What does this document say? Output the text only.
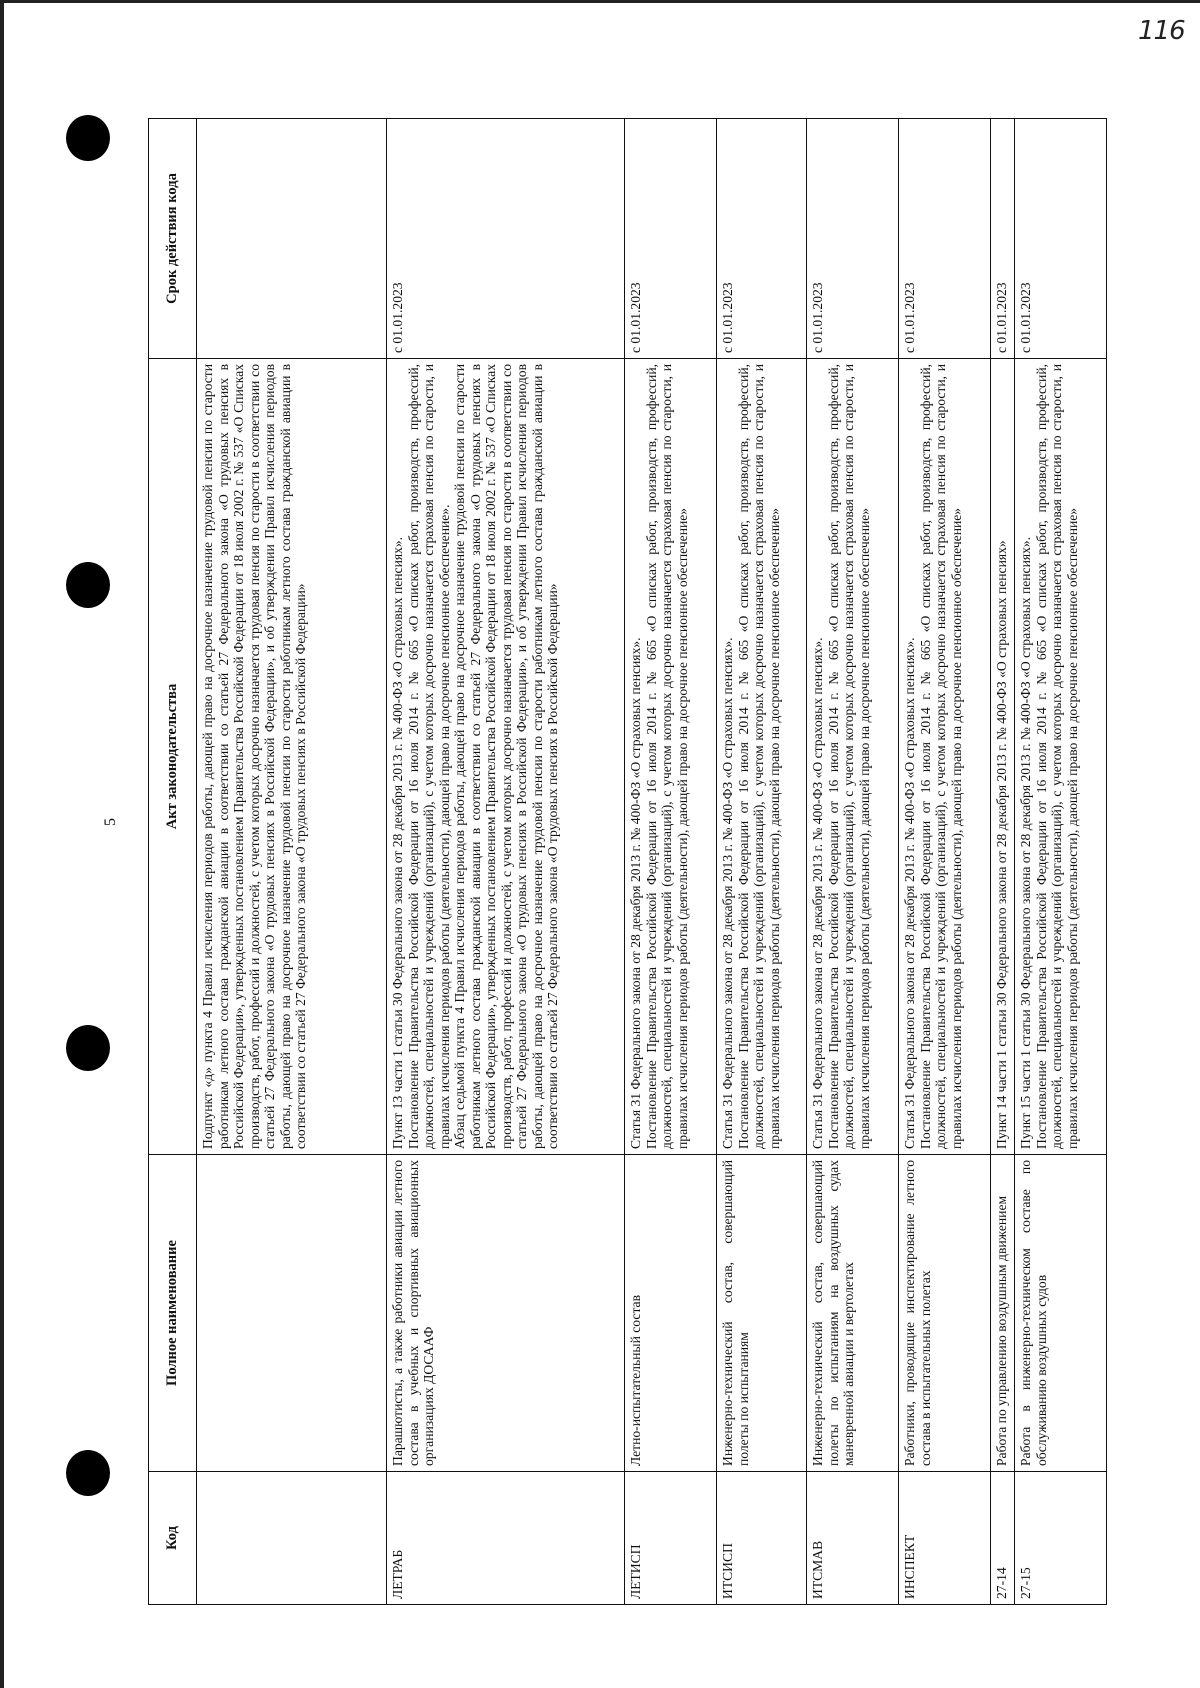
116
5
Код	Полное наименование	Акт законодательства	Срок действия кода

		Подпункт «д» пункта 4 Правил исчисления периодов работы, дающей право на досрочное назначение трудовой пенсии по старости работникам летного состава гражданской авиации в соответствии со статьей 27 Федерального закона «О трудовых пенсиях в Российской Федерации», утвержденных постановлением Правительства Российской Федерации от 18 июля 2002 г. № 537 «О Списках производств, работ, профессий и должностей, с учетом которых досрочно назначается трудовая пенсия по старости в соответствии со статьей 27 Федерального закона «О трудовых пенсиях в Российской Федерации», и об утверждении Правил исчисления периодов работы, дающей право на досрочное назначение трудовой пенсии по старости работникам летного состава гражданской авиации в соответствии со статьей 27 Федерального закона «О трудовых пенсиях в Российской Федерации»	

ЛЕТРАБ	Парашютисты, а также работники авиации летного состава в учебных и спортивных авиационных организациях ДОСААФ	Пункт 13 части 1 статьи 30 Федерального закона от 28 декабря 2013 г. № 400-ФЗ «О страховых пенсиях». Постановление Правительства Российской Федерации от 16 июля 2014 г. № 665 «О списках работ, производств, профессий, должностей, специальностей и учреждений (организаций), с учетом которых досрочно назначается страховая пенсия по старости, и правилах исчисления периодов работы (деятельности), дающей право на досрочное пенсионное обеспечение». Абзац седьмой пункта 4 Правил исчисления периодов работы, дающей право на досрочное назначение трудовой пенсии по старости работникам летного состава гражданской авиации в соответствии со статьей 27 Федерального закона «О трудовых пенсиях в Российской Федерации», утвержденных постановлением Правительства Российской Федерации от 18 июля 2002 г. № 537 «О Списках производств, работ, профессий и должностей, с учетом которых досрочно назначается трудовая пенсия по старости в соответствии со статьей 27 Федерального закона «О трудовых пенсиях в Российской Федерации», и об утверждении Правил исчисления периодов работы, дающей право на досрочное назначение трудовой пенсии по старости работникам летного состава гражданской авиации в соответствии со статьей 27 Федерального закона «О трудовых пенсиях в Российской Федерации»	с 01.01.2023
ЛЕТИСП	Летно-испытательный состав	Статья 31 Федерального закона от 28 декабря 2013 г. № 400-ФЗ «О страховых пенсиях». Постановление Правительства Российской Федерации от 16 июля 2014 г. № 665 «О списках работ, производств, профессий, должностей, специальностей и учреждений (организаций), с учетом которых досрочно назначается страховая пенсия по старости, и правилах исчисления периодов работы (деятельности), дающей право на досрочное пенсионное обеспечение»	с 01.01.2023
ИТСИСП	Инженерно-технический состав, совершающий полеты по испытаниям	Статья 31 Федерального закона от 28 декабря 2013 г. № 400-ФЗ «О страховых пенсиях». Постановление Правительства Российской Федерации от 16 июля 2014 г. № 665 «О списках работ, производств, профессий, должностей, специальностей и учреждений (организаций), с учетом которых досрочно назначается страховая пенсия по старости, и правилах исчисления периодов работы (деятельности), дающей право на досрочное пенсионное обеспечение»	с 01.01.2023
ИТСМАВ	Инженерно-технический состав, совершающий полеты по испытаниям на воздушных судах маневренной авиации и вертолетах	Статья 31 Федерального закона от 28 декабря 2013 г. № 400-ФЗ «О страховых пенсиях». Постановление Правительства Российской Федерации от 16 июля 2014 г. № 665 «О списках работ, производств, профессий, должностей, специальностей и учреждений (организаций), с учетом которых досрочно назначается страховая пенсия по старости, и правилах исчисления периодов работы (деятельности), дающей право на досрочное пенсионное обеспечение»	с 01.01.2023
ИНСПЕКТ	Работники, проводящие инспектирование летного состава в испытательных полетах	Статья 31 Федерального закона от 28 декабря 2013 г. № 400-ФЗ «О страховых пенсиях». Постановление Правительства Российской Федерации от 16 июля 2014 г. № 665 «О списках работ, производств, профессий, должностей, специальностей и учреждений (организаций), с учетом которых досрочно назначается страховая пенсия по старости, и правилах исчисления периодов работы (деятельности), дающей право на досрочное пенсионное обеспечение»	с 01.01.2023
27-14	Работа по управлению воздушным движением	Пункт 14 части 1 статьи 30 Федерального закона от 28 декабря 2013 г. № 400-ФЗ «О страховых пенсиях»	с 01.01.2023
27-15	Работа в инженерно-техническом составе по обслуживанию воздушных судов	Пункт 15 части 1 статьи 30 Федерального закона от 28 декабря 2013 г. № 400-ФЗ «О страховых пенсиях». Постановление Правительства Российской Федерации от 16 июля 2014 г. № 665 «О списках работ, производств, профессий, должностей, специальностей и учреждений (организаций), с учетом которых досрочно назначается страховая пенсия по старости, и правилах исчисления периодов работы (деятельности), дающей право на досрочное пенсионное обеспечение»	с 01.01.2023
